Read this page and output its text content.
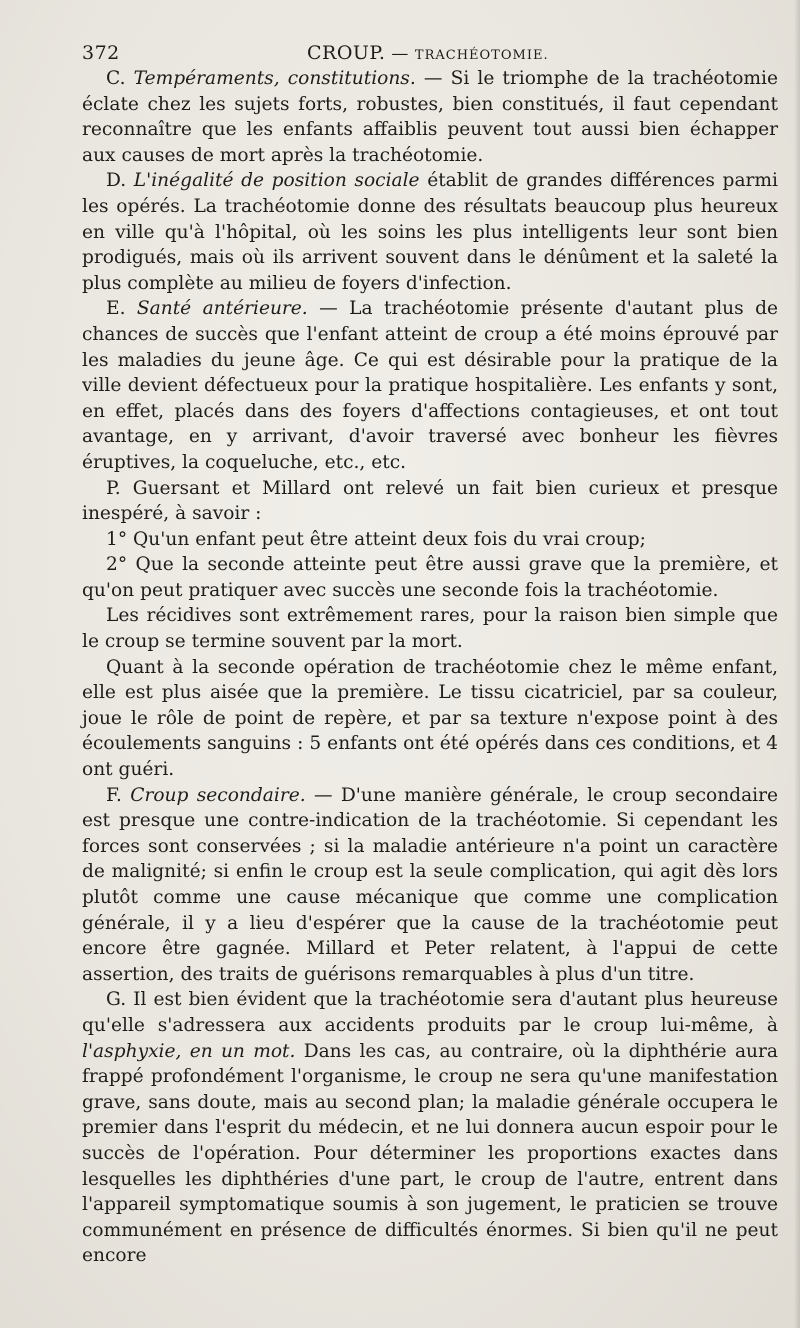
372	CROUP. — TRACHÉOTOMIE.

C. Tempéraments, constitutions. — Si le triomphe de la trachéotomie éclate chez les sujets forts, robustes, bien constitués, il faut cependant reconnaître que les enfants affaiblis peuvent tout aussi bien échapper aux causes de mort après la trachéotomie.

D. L'inégalité de position sociale établit de grandes différences parmi les opérés. La trachéotomie donne des résultats beaucoup plus heureux en ville qu'à l'hôpital, où les soins les plus intelligents leur sont bien prodigués, mais où ils arrivent souvent dans le dénûment et la saleté la plus complète au milieu de foyers d'infection.

E. Santé antérieure. — La trachéotomie présente d'autant plus de chances de succès que l'enfant atteint de croup a été moins éprouvé par les maladies du jeune âge. Ce qui est désirable pour la pratique de la ville devient défectueux pour la pratique hospitalière. Les enfants y sont, en effet, placés dans des foyers d'affections contagieuses, et ont tout avantage, en y arrivant, d'avoir traversé avec bonheur les fièvres éruptives, la coqueluche, etc., etc.

P. Guersant et Millard ont relevé un fait bien curieux et presque inespéré, à savoir :

1° Qu'un enfant peut être atteint deux fois du vrai croup;

2° Que la seconde atteinte peut être aussi grave que la première, et qu'on peut pratiquer avec succès une seconde fois la trachéotomie.

Les récidives sont extrêmement rares, pour la raison bien simple que le croup se termine souvent par la mort.

Quant à la seconde opération de trachéotomie chez le même enfant, elle est plus aisée que la première. Le tissu cicatriciel, par sa couleur, joue le rôle de point de repère, et par sa texture n'expose point à des écoulements sanguins : 5 enfants ont été opérés dans ces conditions, et 4 ont guéri.

F. Croup secondaire. — D'une manière générale, le croup secondaire est presque une contre-indication de la trachéotomie. Si cependant les forces sont conservées ; si la maladie antérieure n'a point un caractère de malignité; si enfin le croup est la seule complication, qui agit dès lors plutôt comme une cause mécanique que comme une complication générale, il y a lieu d'espérer que la cause de la trachéotomie peut encore être gagnée. Millard et Peter relatent, à l'appui de cette assertion, des traits de guérisons remarquables à plus d'un titre.

G. Il est bien évident que la trachéotomie sera d'autant plus heureuse qu'elle s'adressera aux accidents produits par le croup lui-même, à l'asphyxie, en un mot. Dans les cas, au contraire, où la diphthérie aura frappé profondément l'organisme, le croup ne sera qu'une manifestation grave, sans doute, mais au second plan; la maladie générale occupera le premier dans l'esprit du médecin, et ne lui donnera aucun espoir pour le succès de l'opération. Pour déterminer les proportions exactes dans lesquelles les diphthéries d'une part, le croup de l'autre, entrent dans l'appareil symptomatique soumis à son jugement, le praticien se trouve communément en présence de difficultés énormes. Si bien qu'il ne peut encore
